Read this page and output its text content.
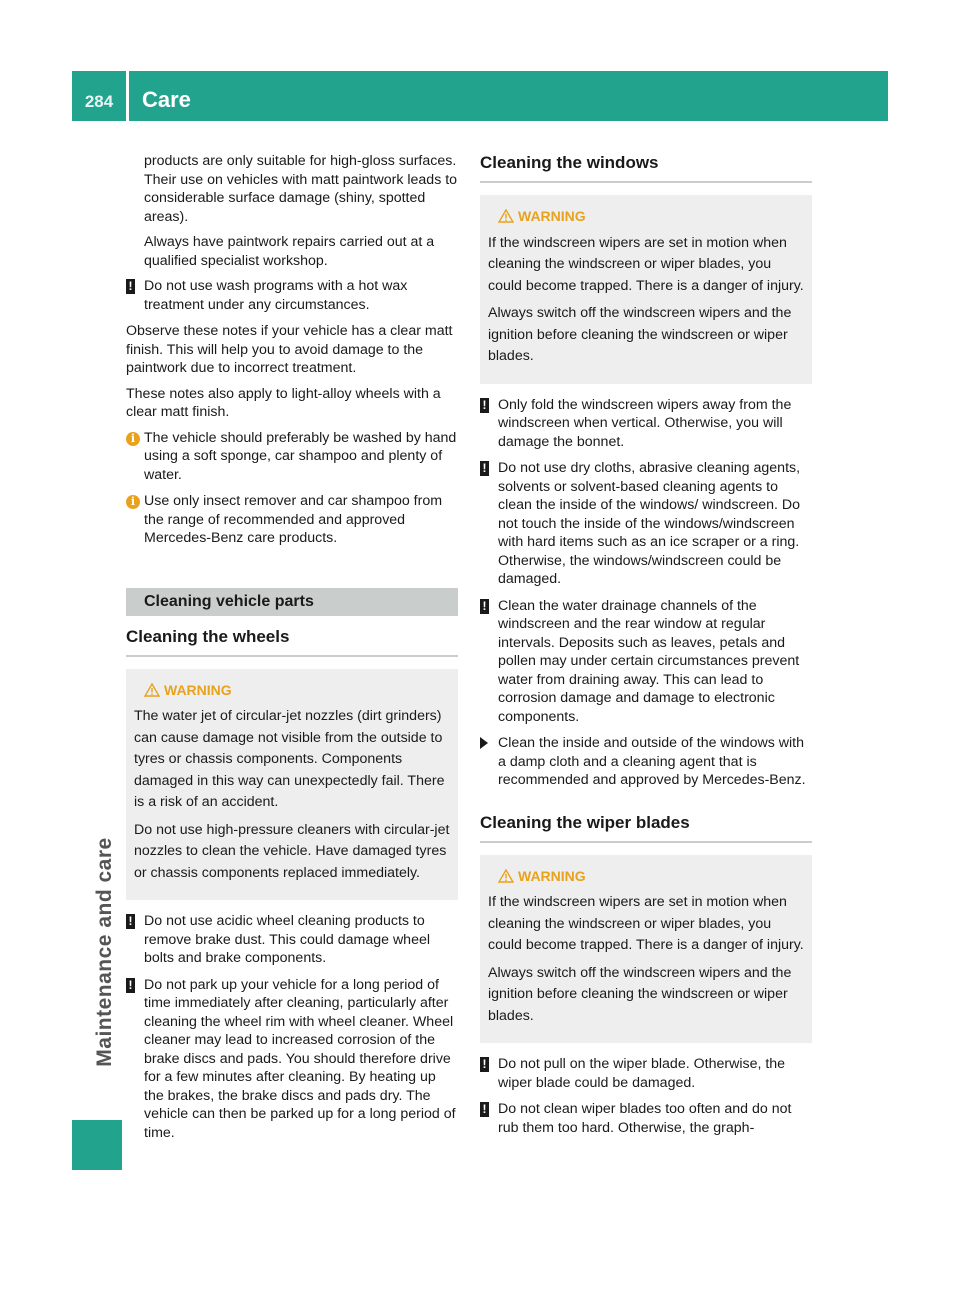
284	Care
Maintenance and care

products are only suitable for high-gloss surfaces. Their use on vehicles with matt paintwork leads to considerable surface damage (shiny, spotted areas).

Always have paintwork repairs carried out at a qualified specialist workshop.

! Do not use wash programs with a hot wax treatment under any circumstances.

Observe these notes if your vehicle has a clear matt finish. This will help you to avoid damage to the paintwork due to incorrect treatment.

These notes also apply to light-alloy wheels with a clear matt finish.

i The vehicle should preferably be washed by hand using a soft sponge, car shampoo and plenty of water.
i Use only insect remover and car shampoo from the range of recommended and approved Mercedes-Benz care products.
Cleaning vehicle parts
Cleaning the wheels
WARNING

The water jet of circular-jet nozzles (dirt grinders) can cause damage not visible from the outside to tyres or chassis components. Components damaged in this way can unexpectedly fail. There is a risk of an accident.

Do not use high-pressure cleaners with circular-jet nozzles to clean the vehicle. Have damaged tyres or chassis components replaced immediately.

! Do not use acidic wheel cleaning products to remove brake dust. This could damage wheel bolts and brake components.
! Do not park up your vehicle for a long period of time immediately after cleaning, particularly after cleaning the wheel rim with wheel cleaner. Wheel cleaner may lead to increased corrosion of the brake discs and pads. You should therefore drive for a few minutes after cleaning. By heating up the brakes, the brake discs and pads dry. The vehicle can then be parked up for a long period of time.
Cleaning the windows
WARNING

If the windscreen wipers are set in motion when cleaning the windscreen or wiper blades, you could become trapped. There is a danger of injury.

Always switch off the windscreen wipers and the ignition before cleaning the windscreen or wiper blades.

! Only fold the windscreen wipers away from the windscreen when vertical. Otherwise, you will damage the bonnet.
! Do not use dry cloths, abrasive cleaning agents, solvents or solvent-based cleaning agents to clean the inside of the windows/ windscreen. Do not touch the inside of the windows/windscreen with hard items such as an ice scraper or a ring. Otherwise, the windows/windscreen could be damaged.
! Clean the water drainage channels of the windscreen and the rear window at regular intervals. Deposits such as leaves, petals and pollen may under certain circumstances prevent water from draining away. This can lead to corrosion damage and damage to electronic components.
Clean the inside and outside of the windows with a damp cloth and a cleaning agent that is recommended and approved by Mercedes-Benz.
Cleaning the wiper blades
WARNING

If the windscreen wipers are set in motion when cleaning the windscreen or wiper blades, you could become trapped. There is a danger of injury.

Always switch off the windscreen wipers and the ignition before cleaning the windscreen or wiper blades.

! Do not pull on the wiper blade. Otherwise, the wiper blade could be damaged.
! Do not clean wiper blades too often and do not rub them too hard. Otherwise, the graph-
